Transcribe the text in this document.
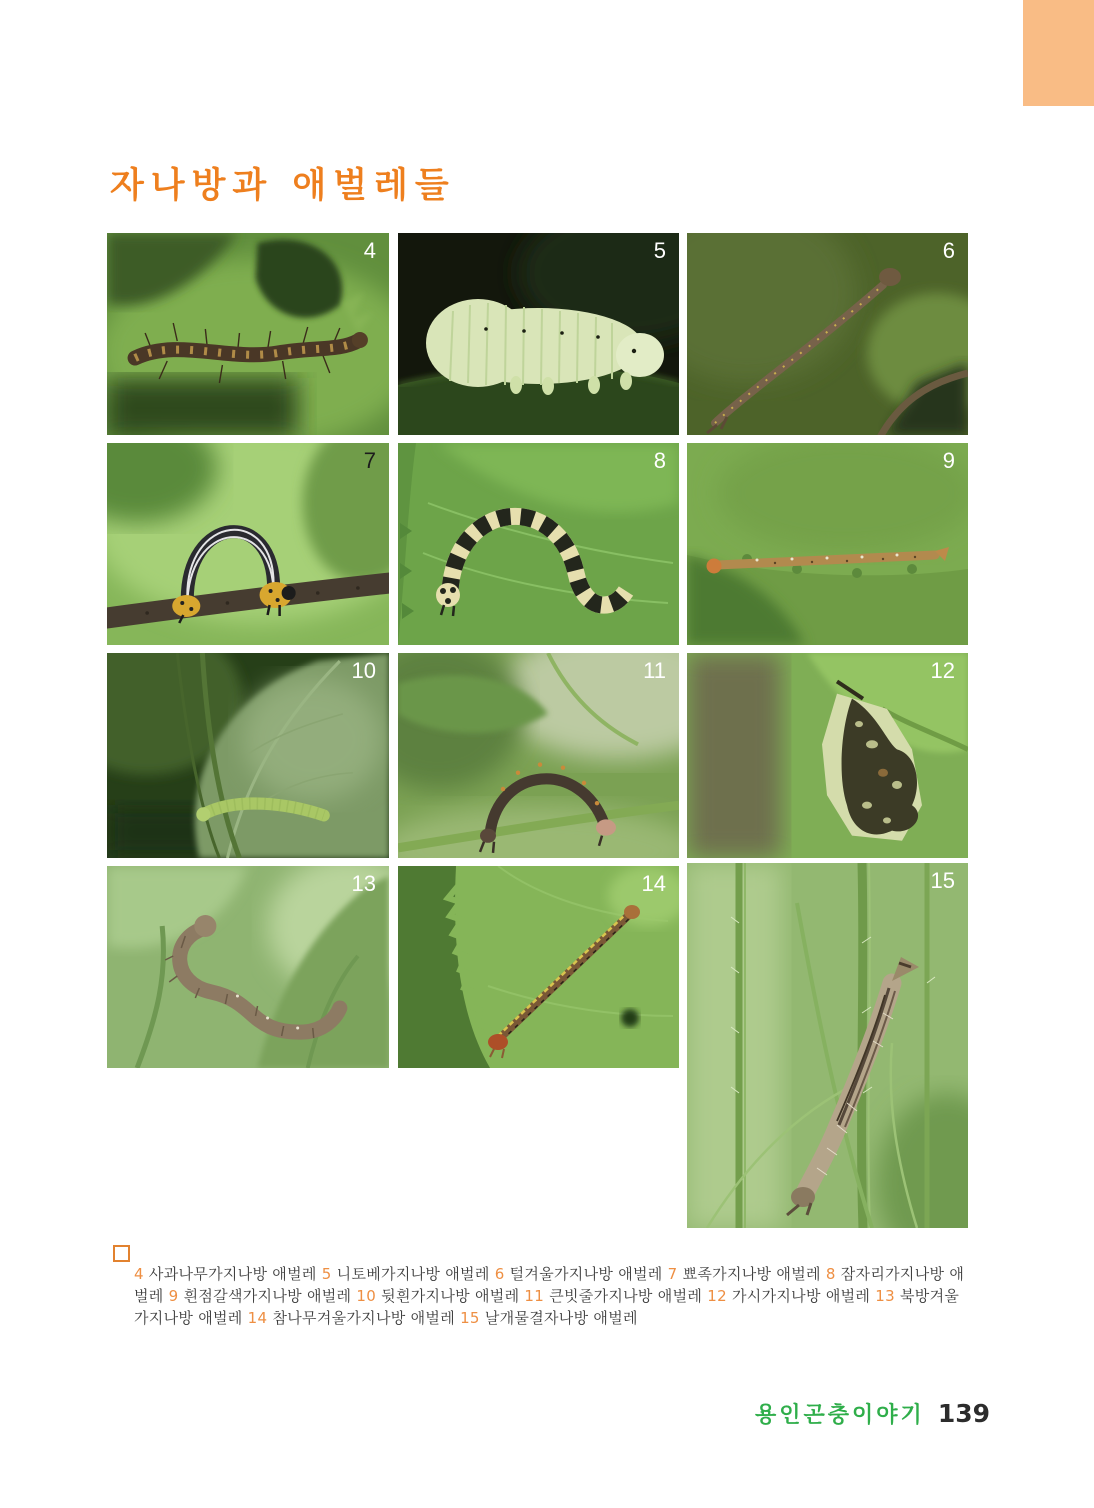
자나방과 애벌레들
4	5	6
7	8	9
10	11	12
13	14	15
4 사과나무가지나방 애벌레 5 니토베가지나방 애벌레 6 털겨울가지나방 애벌레 7 뾰족가지나방 애벌레 8 잠자리가지나방 애벌레 9 흰점갈색가지나방 애벌레 10 뒷흰가지나방 애벌레 11 큰빗줄가지나방 애벌레 12 가시가지나방 애벌레 13 북방겨울가지나방 애벌레 14 참나무겨울가지나방 애벌레 15 날개물결자나방 애벌레
용인곤충이야기 139
